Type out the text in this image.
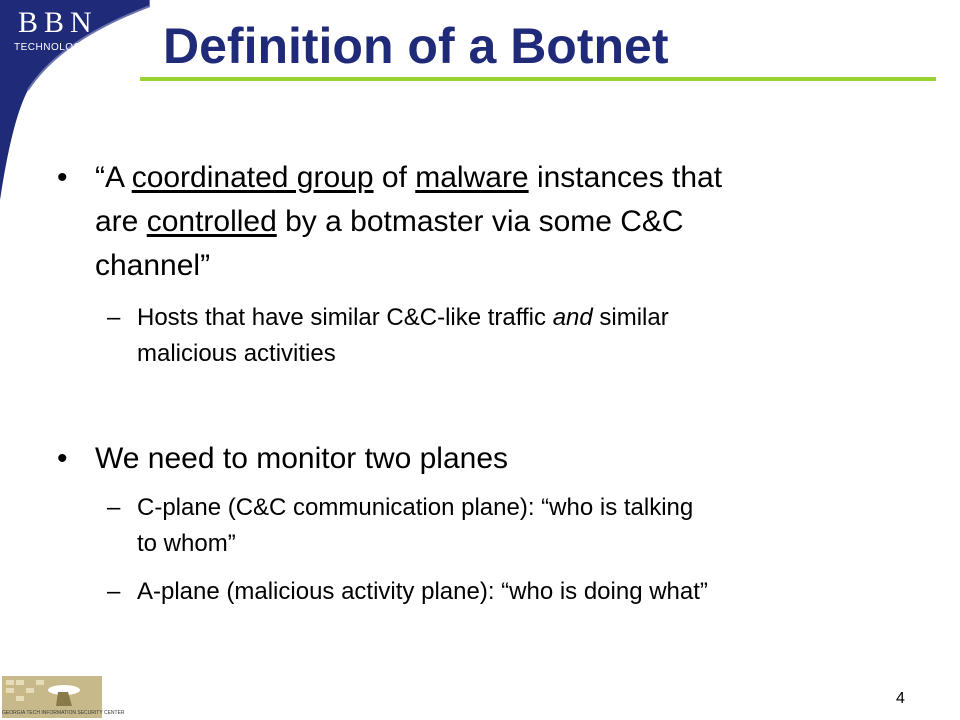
BBN
TECHNOLOGIES Definition of a Botnet
• “A coordinated group of malware instances that

are controlled by a botmaster via some C&C

channel”

– Hosts that have similar C&C-like traffic and similar

malicious activities

• We need to monitor two planes

– C-plane (C&C communication plane): “who is talking

to whom”

– A-plane (malicious activity plane): “who is doing what”

GEORGIA TECH INFORMATION SECURITY CENTER
4
